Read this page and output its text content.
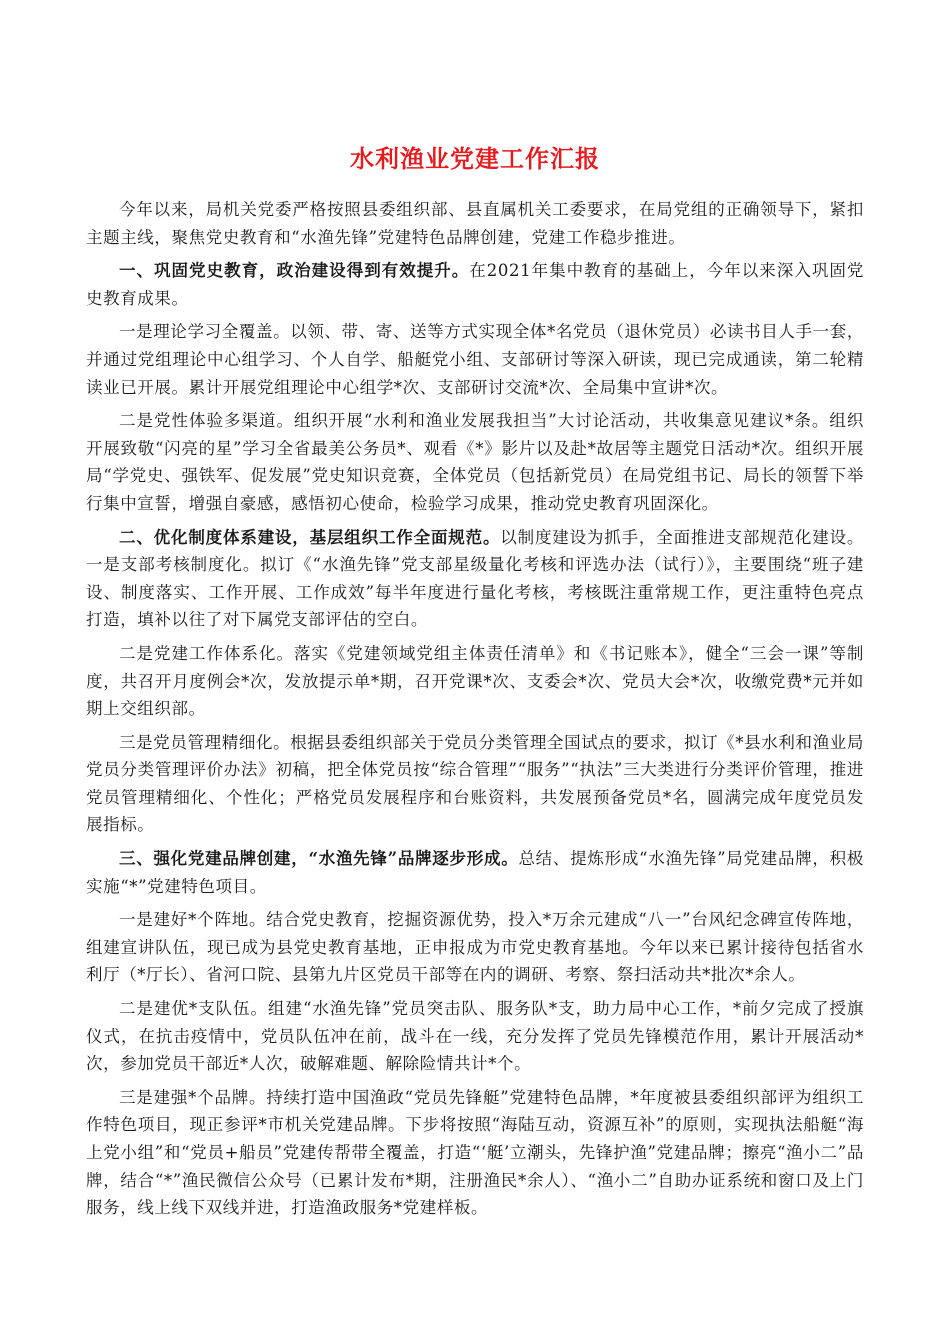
水利渔业党建工作汇报

今年以来，局机关党委严格按照县委组织部、县直属机关工委要求，在局党组的正确领导下，紧扣主题主线，聚焦党史教育和“水渔先锋”党建特色品牌创建，党建工作稳步推进。

一、巩固党史教育，政治建设得到有效提升。在2021年集中教育的基础上，今年以来深入巩固党史教育成果。

一是理论学习全覆盖。以领、带、寄、送等方式实现全体*名党员（退休党员）必读书目人手一套，并通过党组理论中心组学习、个人自学、船艇党小组、支部研讨等深入研读，现已完成通读，第二轮精读业已开展。累计开展党组理论中心组学*次、支部研讨交流*次、全局集中宣讲*次。

二是党性体验多渠道。组织开展“水利和渔业发展我担当”大讨论活动，共收集意见建议*条。组织开展致敬“闪亮的星”学习全省最美公务员*、观看《*》影片以及赴*故居等主题党日活动*次。组织开展局“学党史、强铁军、促发展”党史知识竞赛，全体党员（包括新党员）在局党组书记、局长的领誓下举行集中宣誓，增强自豪感，感悟初心使命，检验学习成果，推动党史教育巩固深化。

二、优化制度体系建设，基层组织工作全面规范。以制度建设为抓手，全面推进支部规范化建设。一是支部考核制度化。拟订《“水渔先锋”党支部星级量化考核和评选办法（试行）》，主要围绕“班子建设、制度落实、工作开展、工作成效”每半年度进行量化考核，考核既注重常规工作，更注重特色亮点打造，填补以往了对下属党支部评估的空白。

二是党建工作体系化。落实《党建领域党组主体责任清单》和《书记账本》，健全“三会一课”等制度，共召开月度例会*次，发放提示单*期，召开党课*次、支委会*次、党员大会*次，收缴党费*元并如期上交组织部。

三是党员管理精细化。根据县委组织部关于党员分类管理全国试点的要求，拟订《*县水利和渔业局党员分类管理评价办法》初稿，把全体党员按“综合管理”“服务”“执法”三大类进行分类评价管理，推进党员管理精细化、个性化；严格党员发展程序和台账资料，共发展预备党员*名，圆满完成年度党员发展指标。

三、强化党建品牌创建，“水渔先锋”品牌逐步形成。总结、提炼形成“水渔先锋”局党建品牌，积极实施“*”党建特色项目。

一是建好*个阵地。结合党史教育，挖掘资源优势，投入*万余元建成“八一”台风纪念碑宣传阵地，组建宣讲队伍，现已成为县党史教育基地，正申报成为市党史教育基地。今年以来已累计接待包括省水利厅（*厅长）、省河口院、县第九片区党员干部等在内的调研、考察、祭扫活动共*批次*余人。

二是建优*支队伍。组建“水渔先锋”党员突击队、服务队*支，助力局中心工作，*前夕完成了授旗仪式，在抗击疫情中，党员队伍冲在前，战斗在一线，充分发挥了党员先锋模范作用，累计开展活动*次，参加党员干部近*人次，破解难题、解除险情共计*个。

三是建强*个品牌。持续打造中国渔政“党员先锋艇”党建特色品牌，*年度被县委组织部评为组织工作特色项目，现正参评*市机关党建品牌。下步将按照“海陆互动，资源互补”的原则，实现执法船艇“海上党小组”和“党员+船员”党建传帮带全覆盖，打造“‘艇’立潮头，先锋护渔”党建品牌；擦亮“渔小二”品牌，结合“*”渔民微信公众号（已累计发布*期，注册渔民*余人）、“渔小二”自助办证系统和窗口及上门服务，线上线下双线并进，打造渔政服务*党建样板。
